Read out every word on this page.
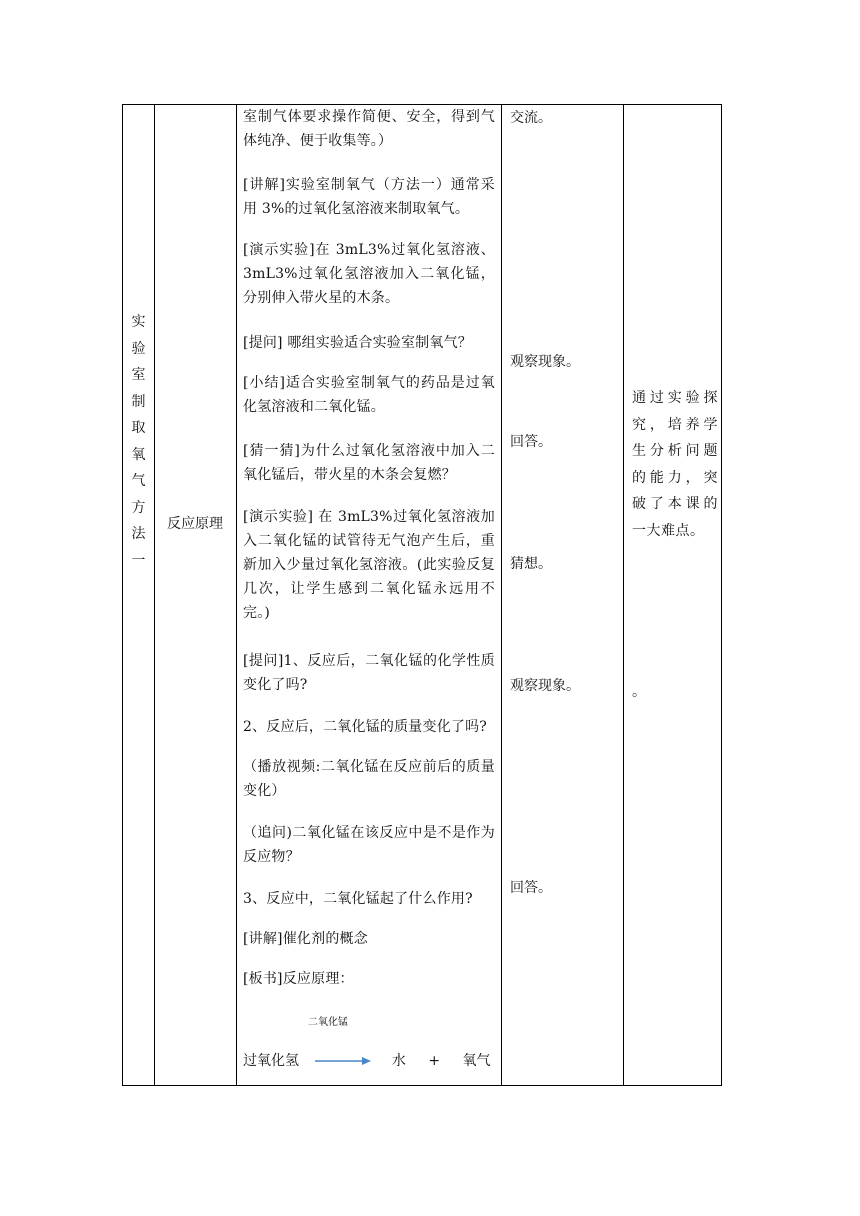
实
验
室
制
取
氧
气
方
法
一
反应原理
室制气体要求操作简便、安全，得到气体纯净、便于收集等。）
[讲解]实验室制氧气（方法一）通常采用 3%的过氧化氢溶液来制取氧气。
[演示实验]在 3mL3%过氧化氢溶液、3mL3%过氧化氢溶液加入二氧化锰，分别伸入带火星的木条。
[提问] 哪组实验适合实验室制氧气？
[小结]适合实验室制氧气的药品是过氧化氢溶液和二氧化锰。
[猜一猜]为什么过氧化氢溶液中加入二氧化锰后，带火星的木条会复燃？
[演示实验] 在 3mL3%过氧化氢溶液加入二氧化锰的试管待无气泡产生后，重新加入少量过氧化氢溶液。(此实验反复几次，让学生感到二氧化锰永远用不完。)
[提问]1、反应后，二氧化锰的化学性质变化了吗?
2、反应后，二氧化锰的质量变化了吗?
（播放视频:二氧化锰在反应前后的质量变化）
（追问)二氧化锰在该反应中是不是作为反应物？
3、反应中，二氧化锰起了什么作用?
[讲解]催化剂的概念
[板书]反应原理：
二氧化锰
过氧化氢 → 水 + 氧气
交流。
观察现象。
回答。
猜想。
观察现象。
回答。
通过实验探究，培养学生分析问题的能力，突破了本课的一大难点。
。
